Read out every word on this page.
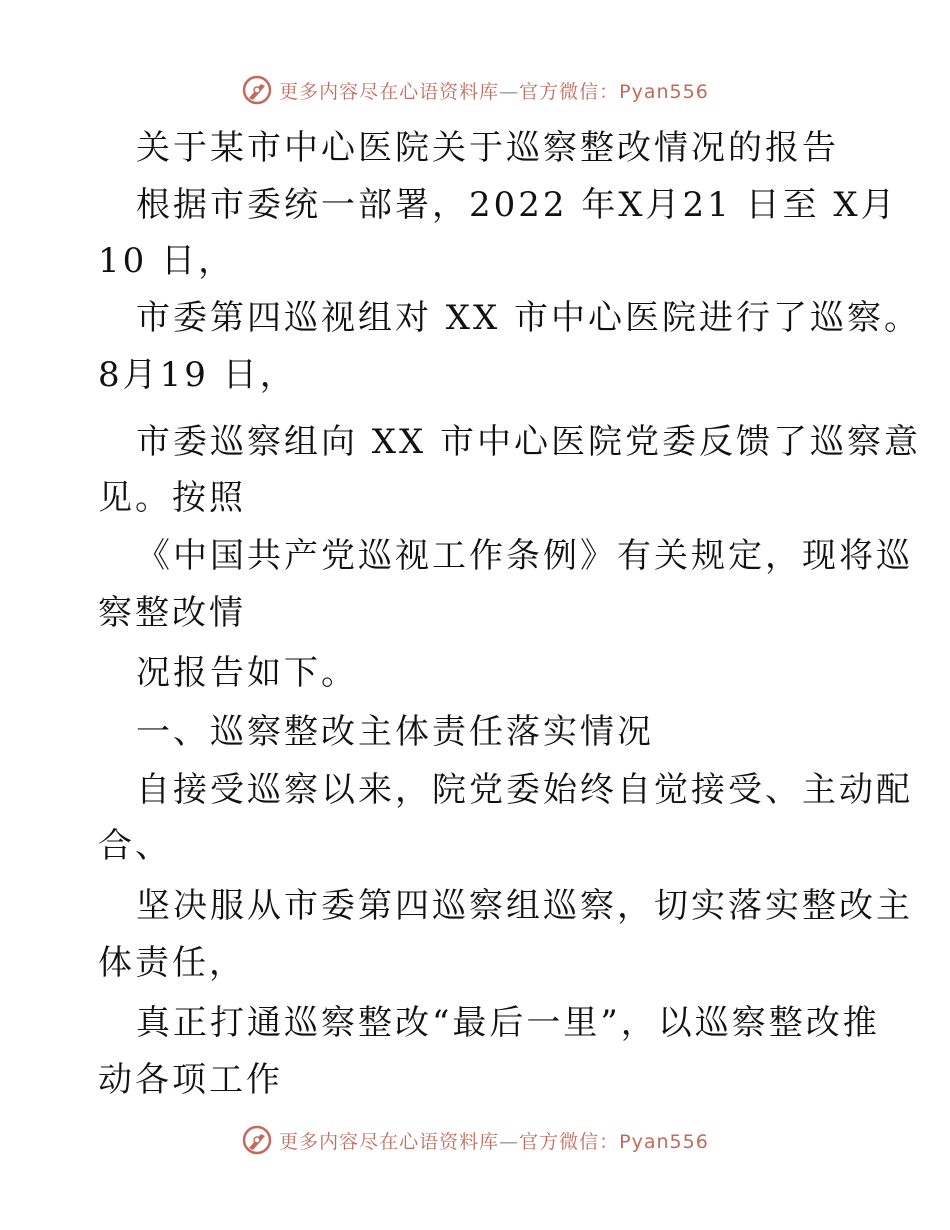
更多内容尽在心语资料库—官方微信：Pyan556
关于某市中心医院关于巡察整改情况的报告
根据市委统一部署，2022 年X月21 日至 X月
10 日，
市委第四巡视组对 XX 市中心医院进行了巡察。
8月19 日，
市委巡察组向 XX 市中心医院党委反馈了巡察意
见。按照
《中国共产党巡视工作条例》有关规定，现将巡
察整改情
况报告如下。
一、巡察整改主体责任落实情况
自接受巡察以来，院党委始终自觉接受、主动配
合、
坚决服从市委第四巡察组巡察，切实落实整改主
体责任，
真正打通巡察整改“最后一里”，以巡察整改推
动各项工作
更多内容尽在心语资料库—官方微信：Pyan556
